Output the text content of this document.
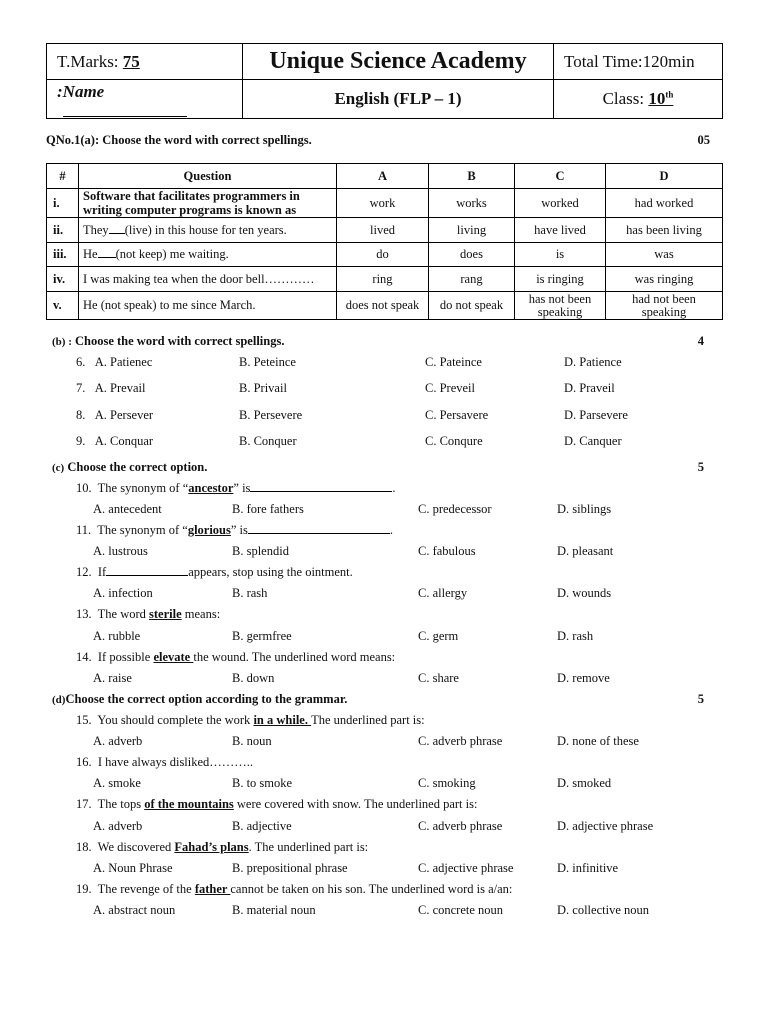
T.Marks: 75	Unique Science Academy	Total Time:120min
:Name	English (FLP – 1)	Class: 10th
QNo.1(a): Choose the word with correct spellings.	05
#	Question	A	B	C	D
i.	Software that facilitates programmers in writing computer programs is known as	work	works	worked	had worked
ii.	They (live) in this house for ten years.	lived	living	have lived	has been living
iii.	He (not keep) me waiting.	do	does	is	was
iv.	I was making tea when the door bell…………	ring	rang	is ringing	was ringing
v.	He (not speak) to me since March.	does not speak	do not speak	has not been speaking	had not been speaking
(b) : Choose the word with correct spellings.	4
6. A. Patienec	B. Peteince	C. Pateince	D. Patience
7. A. Prevail	B. Privail	C. Preveil	D. Praveil
8. A. Persever	B. Persevere	C. Persavere	D. Parsevere
9. A. Conquar	B. Conquer	C. Conqure	D. Canquer
(c) Choose the correct option.	5
10. The synonym of “ancestor” is	.
A. antecedent	B. fore fathers	C. predecessor	D. siblings
11. The synonym of “glorious” is	.
A. lustrous	B. splendid	C. fabulous	D. pleasant
12. If	appears, stop using the ointment.
A. infection	B. rash	C. allergy	D. wounds
13. The word sterile means:
A. rubble	B. germfree	C. germ	D. rash
14. If possible elevate the wound. The underlined word means:
A. raise	B. down	C. share	D. remove
(d)Choose the correct option according to the grammar.	5
15. You should complete the work in a while. The underlined part is:
A. adverb	B. noun	C. adverb phrase	D. none of these
16. I have always disliked………..
A. smoke	B. to smoke	C. smoking	D. smoked
17. The tops of the mountains were covered with snow. The underlined part is:
A. adverb	B. adjective	C. adverb phrase	D. adjective phrase
18. We discovered Fahad’s plans. The underlined part is:
A. Noun Phrase	B. prepositional phrase	C. adjective phrase	D. infinitive
19. The revenge of the father cannot be taken on his son. The underlined word is a/an:
A. abstract noun	B. material noun	C. concrete noun	D. collective noun
